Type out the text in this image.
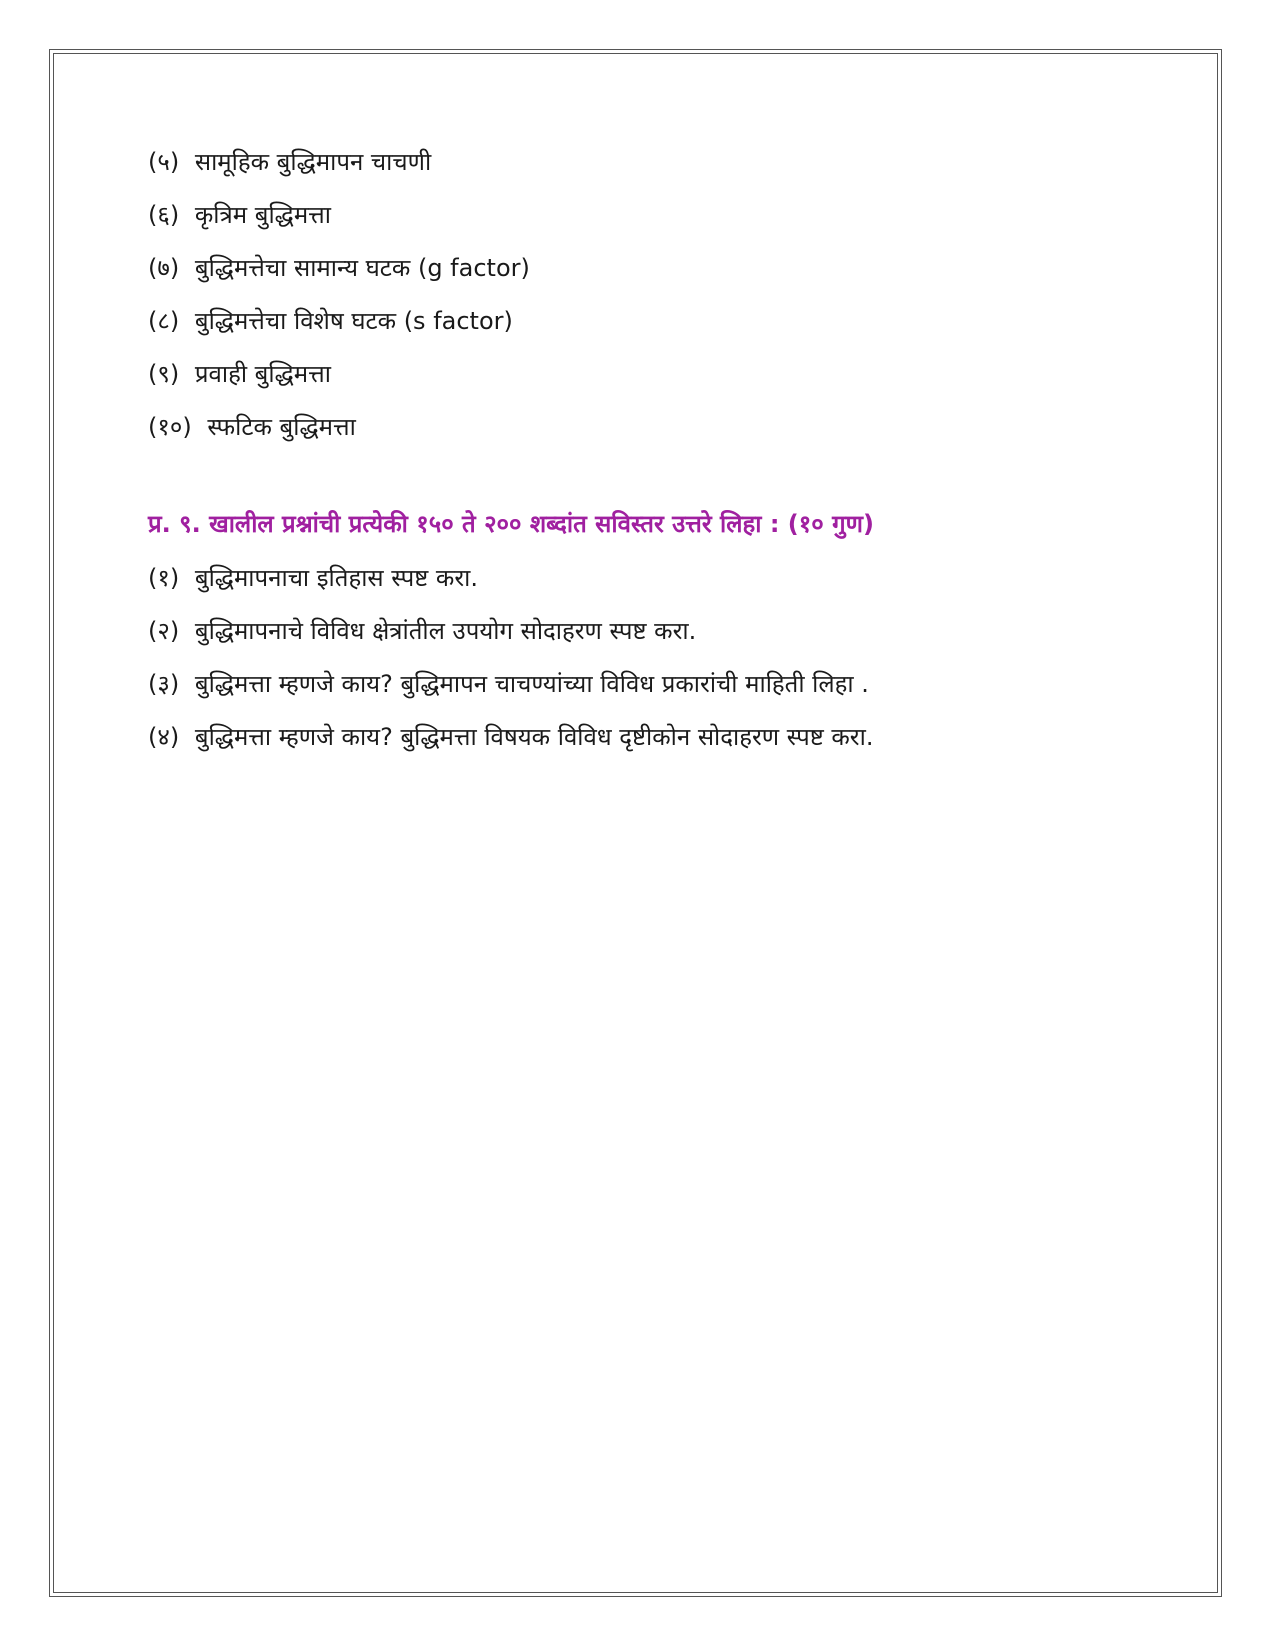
(५) सामूहिक बुद्धिमापन चाचणी
(६) कृत्रिम बुद्धिमत्ता
(७) बुद्धिमत्तेचा सामान्य घटक (g factor)
(८) बुद्धिमत्तेचा विशेष घटक (s factor)
(९) प्रवाही बुद्धिमत्ता
(१०) स्फटिक बुद्धिमत्ता
प्र. ९. खालील प्रश्नांची प्रत्येकी १५० ते २०० शब्दांत सविस्तर उत्तरे लिहा : (१० गुण)
(१) बुद्धिमापनाचा इतिहास स्पष्ट करा.
(२) बुद्धिमापनाचे विविध क्षेत्रांतील उपयोग सोदाहरण स्पष्ट करा.
(३) बुद्धिमत्ता म्हणजे काय? बुद्धिमापन चाचण्यांच्या विविध प्रकारांची माहिती लिहा .
(४) बुद्धिमत्ता म्हणजे काय? बुद्धिमत्ता विषयक विविध दृष्टीकोन सोदाहरण स्पष्ट करा.
